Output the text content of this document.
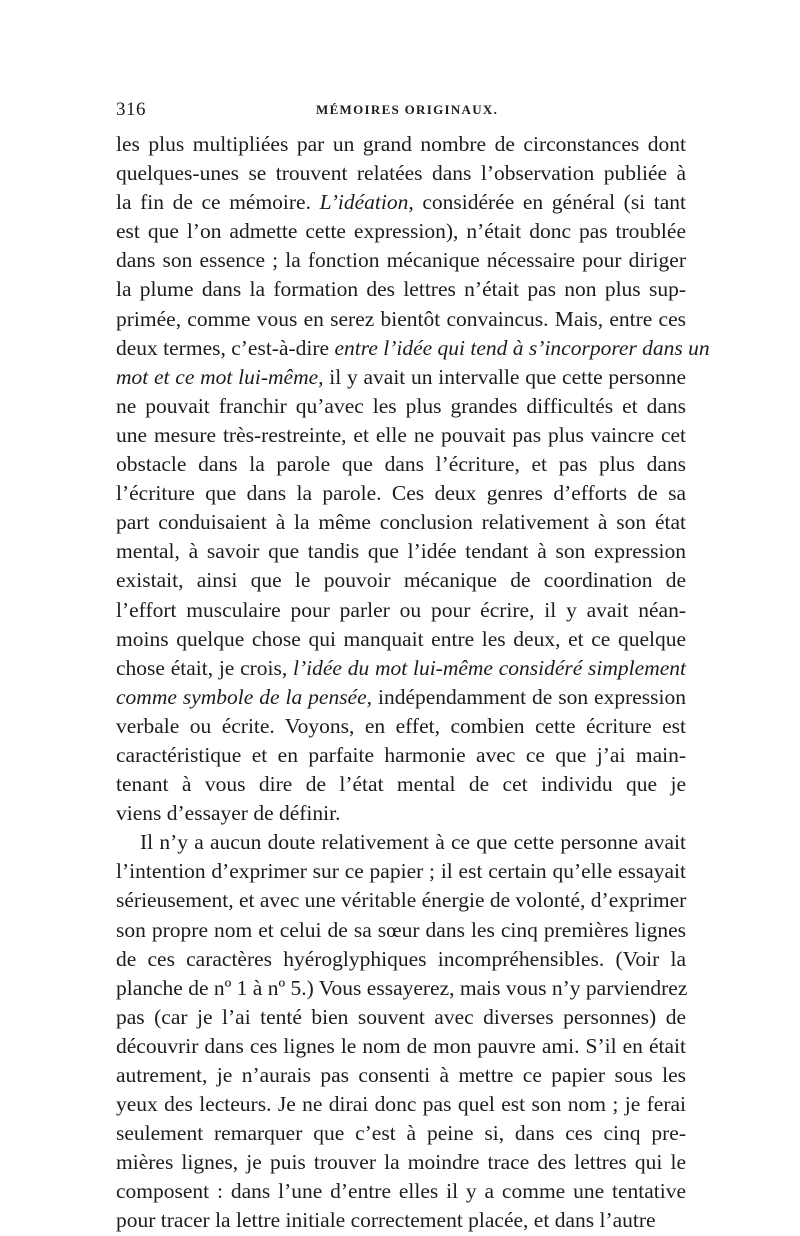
316	MÉMOIRES ORIGINAUX.
les plus multipliées par un grand nombre de circonstances dont
quelques-unes se trouvent relatées dans l’observation publiée à
la fin de ce mémoire. L’idéation, considérée en général (si tant
est que l’on admette cette expression), n’était donc pas troublée
dans son essence ; la fonction mécanique nécessaire pour diriger
la plume dans la formation des lettres n’était pas non plus sup-
primée, comme vous en serez bientôt convaincus. Mais, entre ces
deux termes, c’est-à-dire entre l’idée qui tend à s’incorporer dans un
mot et ce mot lui-même, il y avait un intervalle que cette personne
ne pouvait franchir qu’avec les plus grandes difficultés et dans
une mesure très-restreinte, et elle ne pouvait pas plus vaincre cet
obstacle dans la parole que dans l’écriture, et pas plus dans
l’écriture que dans la parole. Ces deux genres d’efforts de sa
part conduisaient à la même conclusion relativement à son état
mental, à savoir que tandis que l’idée tendant à son expression
existait, ainsi que le pouvoir mécanique de coordination de
l’effort musculaire pour parler ou pour écrire, il y avait néan-
moins quelque chose qui manquait entre les deux, et ce quelque
chose était, je crois, l’idée du mot lui-même considéré simplement
comme symbole de la pensée, indépendamment de son expression
verbale ou écrite. Voyons, en effet, combien cette écriture est
caractéristique et en parfaite harmonie avec ce que j’ai main-
tenant à vous dire de l’état mental de cet individu que je
viens d’essayer de définir.
Il n’y a aucun doute relativement à ce que cette personne avait
l’intention d’exprimer sur ce papier ; il est certain qu’elle essayait
sérieusement, et avec une véritable énergie de volonté, d’exprimer
son propre nom et celui de sa sœur dans les cinq premières lignes
de ces caractères hyéroglyphiques incompréhensibles. (Voir la
planche de nº 1 à nº 5.) Vous essayerez, mais vous n’y parviendrez
pas (car je l’ai tenté bien souvent avec diverses personnes) de
découvrir dans ces lignes le nom de mon pauvre ami. S’il en était
autrement, je n’aurais pas consenti à mettre ce papier sous les
yeux des lecteurs. Je ne dirai donc pas quel est son nom ; je ferai
seulement remarquer que c’est à peine si, dans ces cinq pre-
mières lignes, je puis trouver la moindre trace des lettres qui le
composent : dans l’une d’entre elles il y a comme une tentative
pour tracer la lettre initiale correctement placée, et dans l’autre
